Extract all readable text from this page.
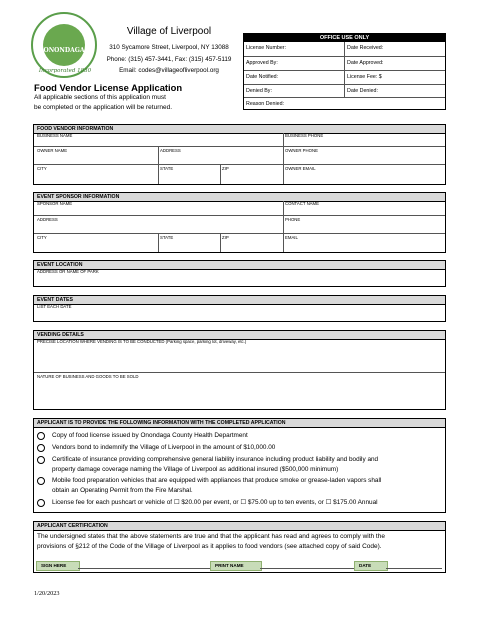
ONONDAGA
Incorporated 1830
Village of Liverpool
310 Sycamore Street, Liverpool, NY 13088
Phone: (315) 457-3441, Fax: (315) 457-5119
Email: codes@villageofliverpool.org
Food Vendor License Application
All applicable sections of this application must
be completed or the application will be returned.
OFFICE USE ONLY
License Number:	Date Received:
Approved By:	Date Approved:
Date Notified:	License Fee: $
Denied By:	Date Denied:
Reason Denied:
FOOD VENDOR INFORMATION
BUSINESS NAME	BUSINESS PHONE
OWNER NAME	ADDRESS	OWNER PHONE
CITY	STATE	ZIP	OWNER EMAIL
EVENT SPONSOR INFORMATION
SPONSOR NAME	CONTACT NAME
ADDRESS	PHONE
CITY	STATE	ZIP	EMAIL
EVENT LOCATION
ADDRESS OR NAME OF PARK
EVENT DATES
LIST EACH DATE
VENDING DETAILS
PRECISE LOCATION WHERE VENDING IS TO BE CONDUCTED (Parking space, parking lot, driveway, etc.)
NATURE OF BUSINESS AND GOODS TO BE SOLD
APPLICANT IS TO PROVIDE THE FOLLOWING INFORMATION WITH THE COMPLETED APPLICATION
Copy of food license issued by Onondaga County Health Department
Vendors bond to indemnify the Village of Liverpool in the amount of $10,000.00
Certificate of insurance providing comprehensive general liability insurance including product liability and bodily and
property damage coverage naming the Village of Liverpool as additional insured ($500,000 minimum)
Mobile food preparation vehicles that are equipped with appliances that produce smoke or grease-laden vapors shall
obtain an Operating Permit from the Fire Marshal.
License fee for each pushcart or vehicle of ☐ $20.00 per event, or ☐ $75.00 up to ten events, or ☐ $175.00 Annual
APPLICANT CERTIFICATION
The undersigned states that the above statements are true and that the applicant has read and agrees to comply with the
provisions of §212 of the Code of the Village of Liverpool as it applies to food vendors (see attached copy of said Code).
SIGN HERE	PRINT NAME	DATE
1/20/2023
